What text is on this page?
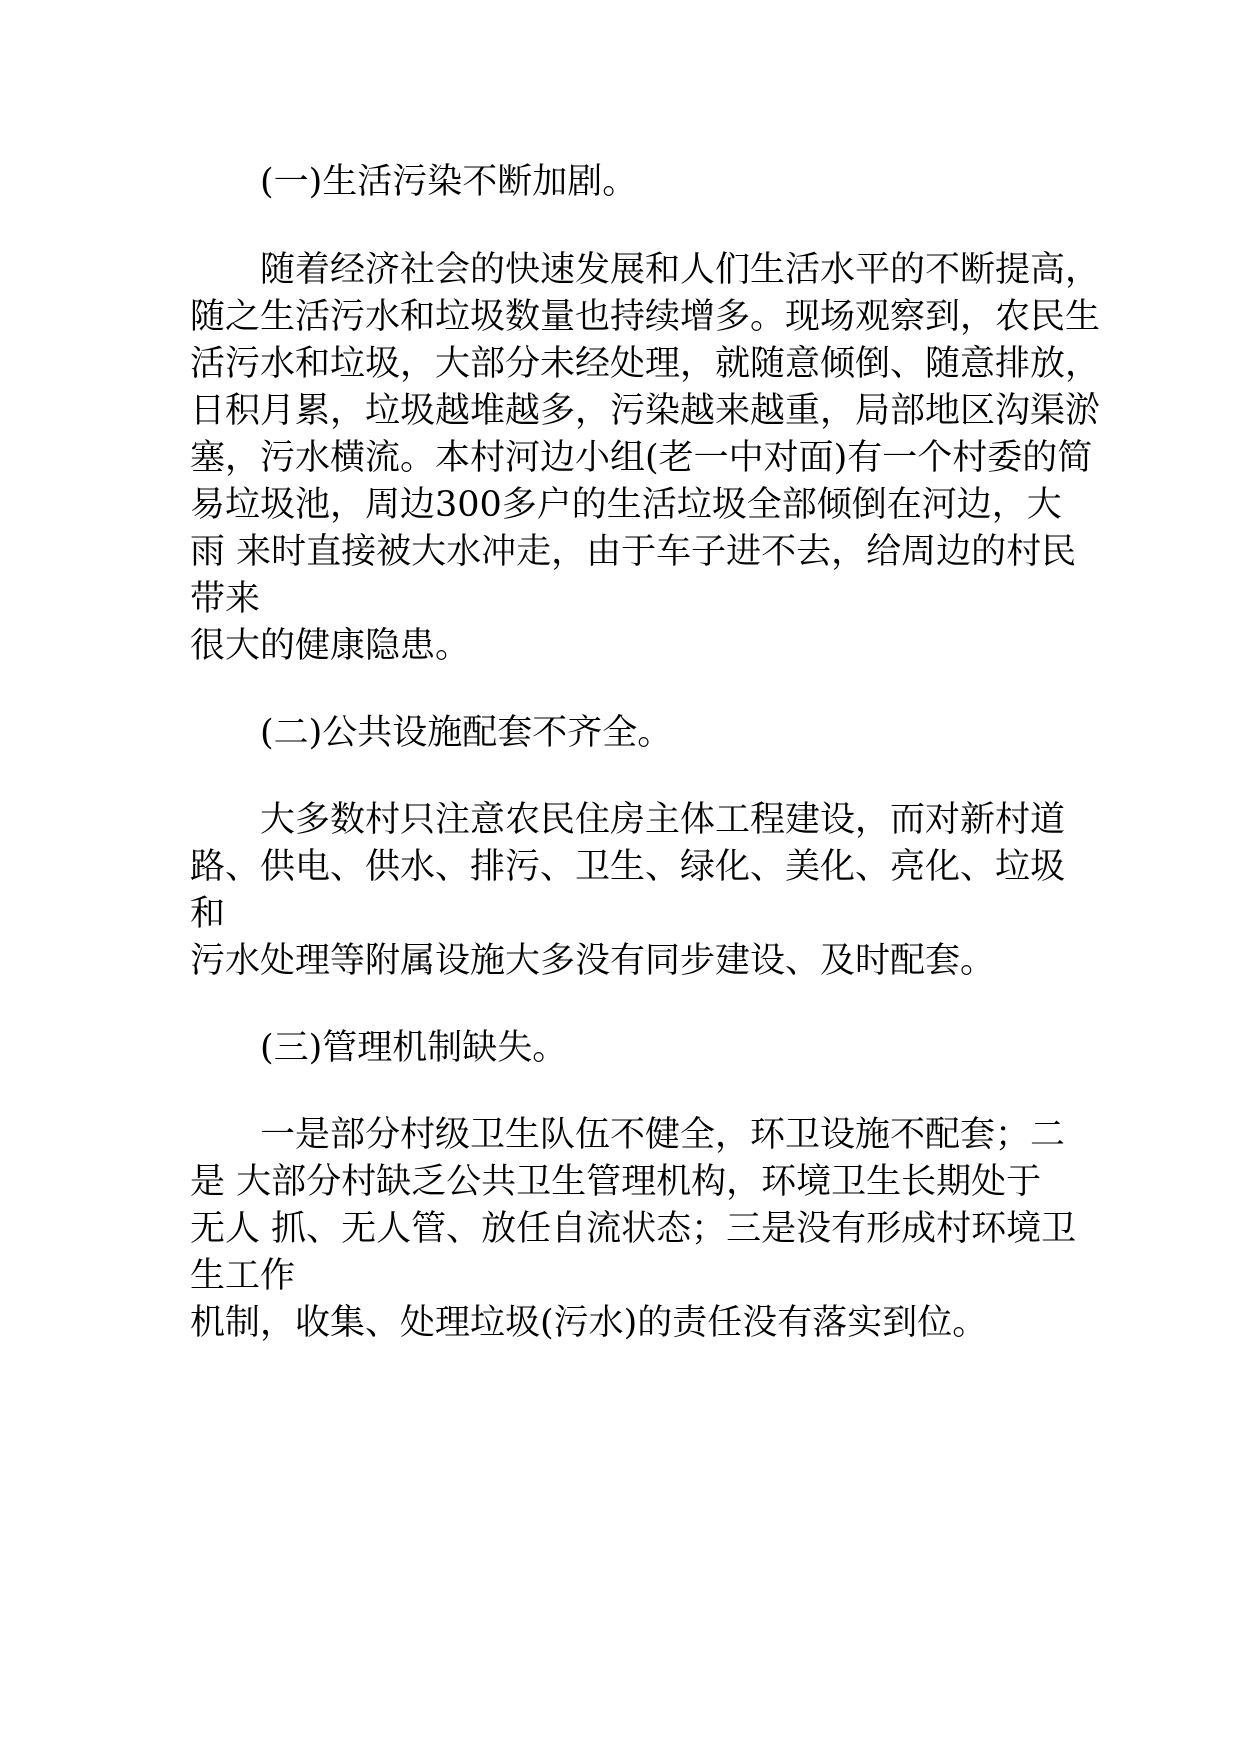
(一)生活污染不断加剧。
随着经济社会的快速发展和人们生活水平的不断提高，
随之生活污水和垃圾数量也持续增多。现场观察到，农民生
活污水和垃圾，大部分未经处理，就随意倾倒、随意排放，
日积月累，垃圾越堆越多，污染越来越重，局部地区沟渠淤
塞，污水横流。本村河边小组(老一中对面)有一个村委的简
易垃圾池，周边300多户的生活垃圾全部倾倒在河边，大
雨 来时直接被大水冲走，由于车子进不去，给周边的村民
带来
很大的健康隐患。
(二)公共设施配套不齐全。
大多数村只注意农民住房主体工程建设，而对新村道
路、供电、供水、排污、卫生、绿化、美化、亮化、垃圾
和
污水处理等附属设施大多没有同步建设、及时配套。
(三)管理机制缺失。
一是部分村级卫生队伍不健全，环卫设施不配套；二
是 大部分村缺乏公共卫生管理机构，环境卫生长期处于
无人 抓、无人管、放任自流状态；三是没有形成村环境卫
生工作
机制，收集、处理垃圾(污水)的责任没有落实到位。
